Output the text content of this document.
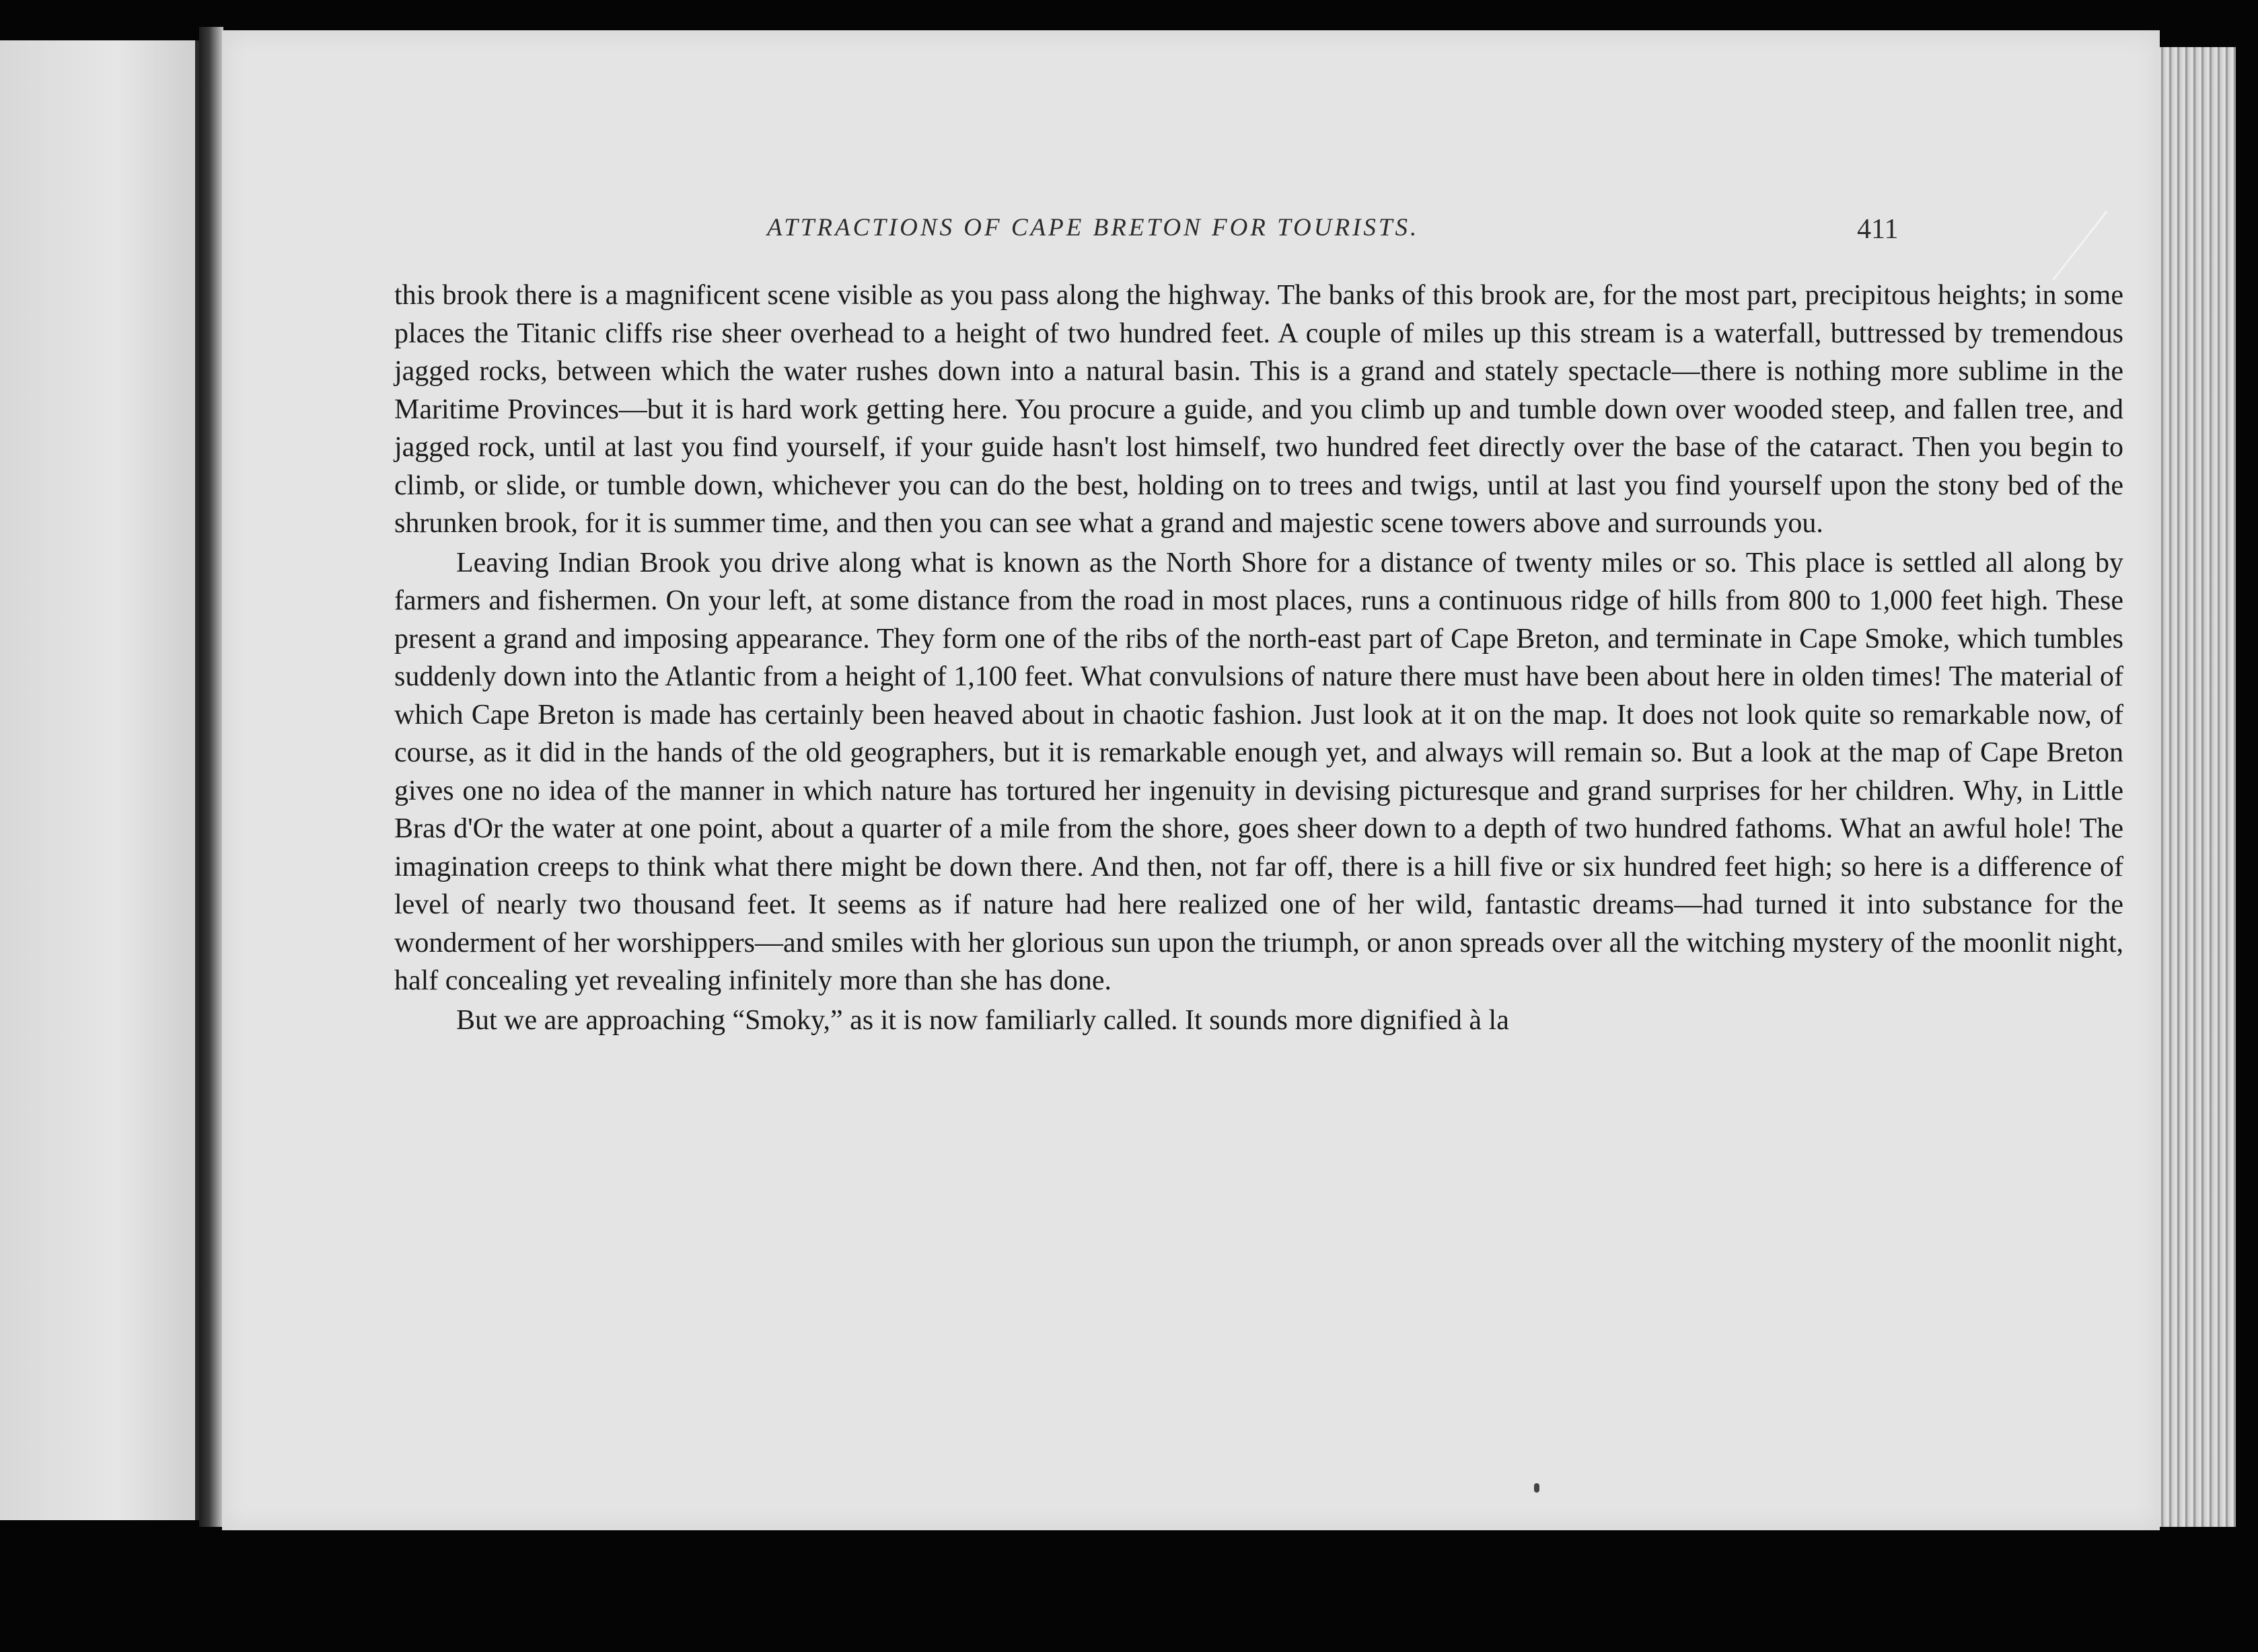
ATTRACTIONS OF CAPE BRETON FOR TOURISTS.	411

this brook there is a magnificent scene visible as you pass along the highway. The banks of this brook are, for the most part, precipitous heights; in some places the Titanic cliffs rise sheer overhead to a height of two hundred feet. A couple of miles up this stream is a waterfall, buttressed by tremendous jagged rocks, between which the water rushes down into a natural basin. This is a grand and stately spectacle—there is nothing more sublime in the Maritime Provinces—but it is hard work getting here. You procure a guide, and you climb up and tumble down over wooded steep, and fallen tree, and jagged rock, until at last you find yourself, if your guide hasn't lost himself, two hundred feet directly over the base of the cataract. Then you begin to climb, or slide, or tumble down, whichever you can do the best, holding on to trees and twigs, until at last you find yourself upon the stony bed of the shrunken brook, for it is summer time, and then you can see what a grand and majestic scene towers above and surrounds you.

Leaving Indian Brook you drive along what is known as the North Shore for a distance of twenty miles or so. This place is settled all along by farmers and fishermen. On your left, at some distance from the road in most places, runs a continuous ridge of hills from 800 to 1,000 feet high. These present a grand and imposing appearance. They form one of the ribs of the north-east part of Cape Breton, and terminate in Cape Smoke, which tumbles suddenly down into the Atlantic from a height of 1,100 feet. What convulsions of nature there must have been about here in olden times! The material of which Cape Breton is made has certainly been heaved about in chaotic fashion. Just look at it on the map. It does not look quite so remarkable now, of course, as it did in the hands of the old geographers, but it is remarkable enough yet, and always will remain so. But a look at the map of Cape Breton gives one no idea of the manner in which nature has tortured her ingenuity in devising picturesque and grand surprises for her children. Why, in Little Bras d'Or the water at one point, about a quarter of a mile from the shore, goes sheer down to a depth of two hundred fathoms. What an awful hole! The imagination creeps to think what there might be down there. And then, not far off, there is a hill five or six hundred feet high; so here is a difference of level of nearly two thousand feet. It seems as if nature had here realized one of her wild, fantastic dreams—had turned it into substance for the wonderment of her worshippers—and smiles with her glorious sun upon the triumph, or anon spreads over all the witching mystery of the moonlit night, half concealing yet revealing infinitely more than she has done.

But we are approaching “Smoky,” as it is now familiarly called. It sounds more dignified à la
